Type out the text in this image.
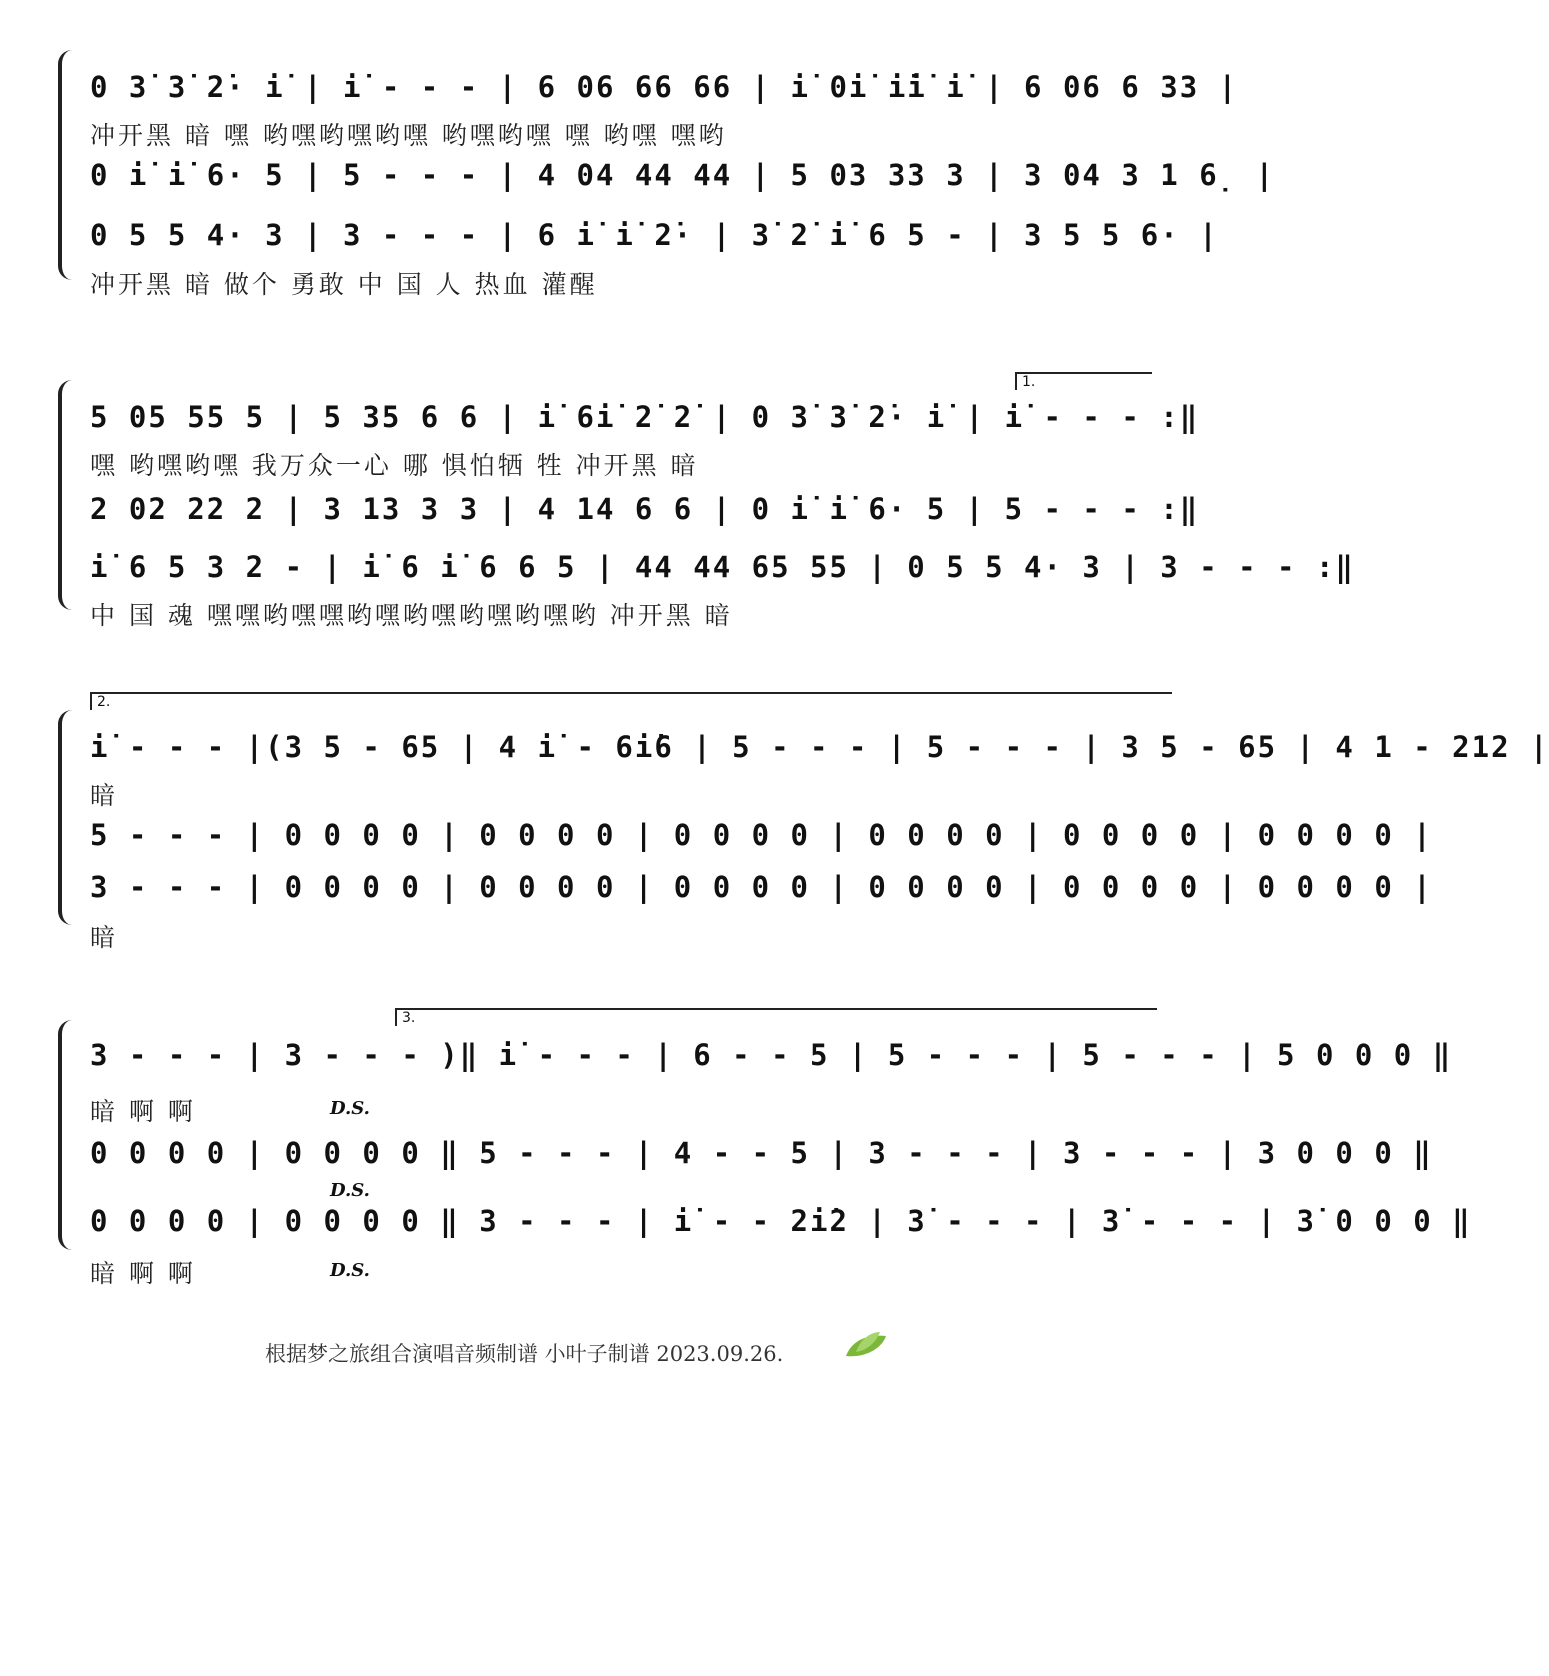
0 3̇ 3̇ 2̇· i̇ | i̇ - - - | 6 06 66 66 | i̇ 0i̇ i̇i̇ i̇ | 6 06 6 33 |
冲开黑 暗 嘿 哟嘿哟嘿哟嘿 哟嘿哟嘿 嘿 哟嘿 嘿哟
0 i̇ i̇ 6· 5 | 5 - - - | 4 04 44 44 | 5 03 33 3 | 3 04 3 1 6̣ |
0 5 5 4· 3 | 3 - - - | 6 i̇ i̇ 2̇· | 3̇ 2̇ i̇ 6 5 - | 3 5 5 6· |
冲开黑 暗 做个 勇敢 中 国 人 热血 灌醒
1.
5 05 55 5 | 5 35 6 6 | i̇ 6i̇ 2̇ 2̇ | 0 3̇ 3̇ 2̇· i̇ | i̇ - - - :‖
嘿 哟嘿哟嘿 我万众一心 哪 惧怕牺 牲 冲开黑 暗
2 02 22 2 | 3 13 3 3 | 4 14 6 6 | 0 i̇ i̇ 6· 5 | 5 - - - :‖
i̇ 6 5 3 2 - | i̇ 6 i̇ 6 6 5 | 44 44 65 55 | 0 5 5 4· 3 | 3 - - - :‖
中 国 魂 嘿嘿哟嘿嘿哟嘿哟嘿哟嘿哟嘿哟 冲开黑 暗
2.
i̇ - - - |(3 5 - 65 | 4 i̇ - 6i̇6 | 5 - - - | 5 - - - | 3 5 - 65 | 4 1 - 212 |
暗
5 - - - | 0 0 0 0 | 0 0 0 0 | 0 0 0 0 | 0 0 0 0 | 0 0 0 0 | 0 0 0 0 |
3 - - - | 0 0 0 0 | 0 0 0 0 | 0 0 0 0 | 0 0 0 0 | 0 0 0 0 | 0 0 0 0 |
暗
3.
3 - - - | 3 - - - )‖ i̇ - - - | 6 - - 5 | 5 - - - | 5 - - - | 5 0 0 0 ‖
D.S.
暗 啊 啊
0 0 0 0 | 0 0 0 0 ‖ 5 - - - | 4 - - 5 | 3 - - - | 3 - - - | 3 0 0 0 ‖
D.S.
0 0 0 0 | 0 0 0 0 ‖ 3 - - - | i̇ - - 2i̇2 | 3̇ - - - | 3̇ - - - | 3̇ 0 0 0 ‖
D.S.
暗 啊 啊
根据梦之旅组合演唱音频制谱 小叶子制谱 2023.09.26.
